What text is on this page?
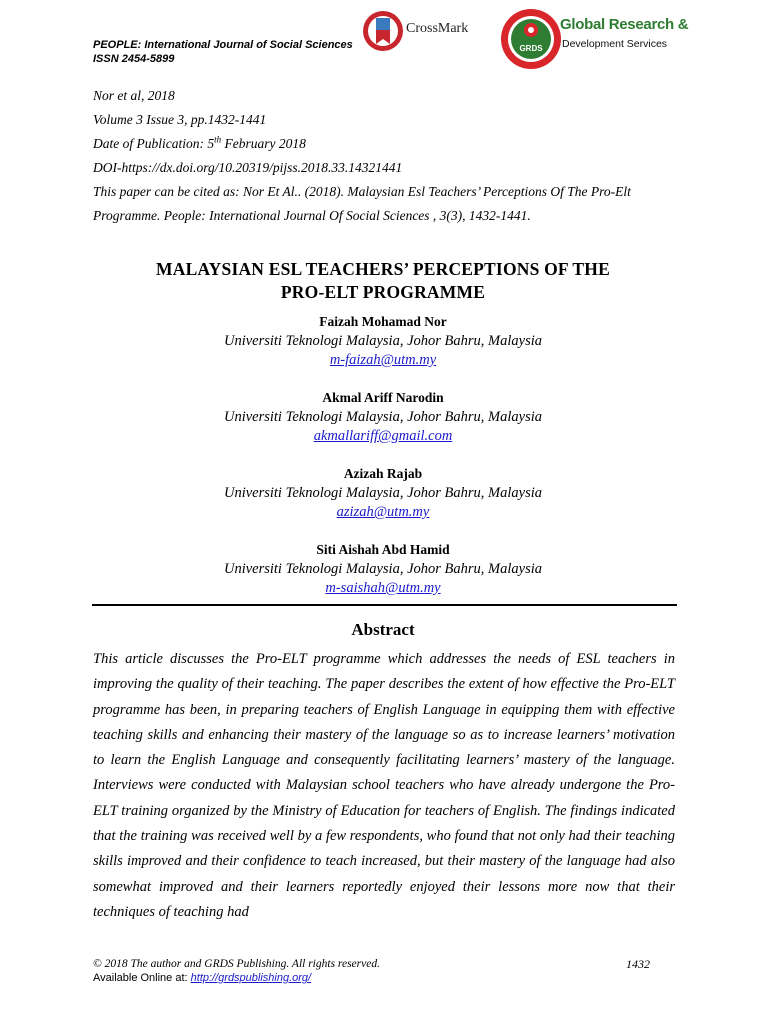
PEOPLE: International Journal of Social Sciences
ISSN 2454-5899
CrossMark
GRDS
Global Research &
Development Services
Nor et al, 2018
Volume 3 Issue 3, pp.1432-1441
Date of Publication: 5th February 2018
DOI-https://dx.doi.org/10.20319/pijss.2018.33.14321441
This paper can be cited as: Nor Et Al.. (2018). Malaysian Esl Teachers’ Perceptions Of The Pro-Elt
Programme. People: International Journal Of Social Sciences , 3(3), 1432-1441.
MALAYSIAN ESL TEACHERS’ PERCEPTIONS OF THE
PRO-ELT PROGRAMME
Faizah Mohamad Nor
Universiti Teknologi Malaysia, Johor Bahru, Malaysia
m-faizah@utm.my
Akmal Ariff Narodin
Universiti Teknologi Malaysia, Johor Bahru, Malaysia
akmallariff@gmail.com
Azizah Rajab
Universiti Teknologi Malaysia, Johor Bahru, Malaysia
azizah@utm.my
Siti Aishah Abd Hamid
Universiti Teknologi Malaysia, Johor Bahru, Malaysia
m-saishah@utm.my
Abstract
This article discusses the Pro-ELT programme which addresses the needs of ESL teachers in improving the quality of their teaching. The paper describes the extent of how effective the Pro-ELT programme has been, in preparing teachers of English Language in equipping them with effective teaching skills and enhancing their mastery of the language so as to increase learners’ motivation to learn the English Language and consequently facilitating learners’ mastery of the language. Interviews were conducted with Malaysian school teachers who have already undergone the Pro-ELT training organized by the Ministry of Education for teachers of English. The findings indicated that the training was received well by a few respondents, who found that not only had their teaching skills improved and their confidence to teach increased, but their mastery of the language had also somewhat improved and their learners reportedly enjoyed their lessons more now that their techniques of teaching had
© 2018 The author and GRDS Publishing. All rights reserved.
Available Online at: http://grdspublishing.org/
1432
